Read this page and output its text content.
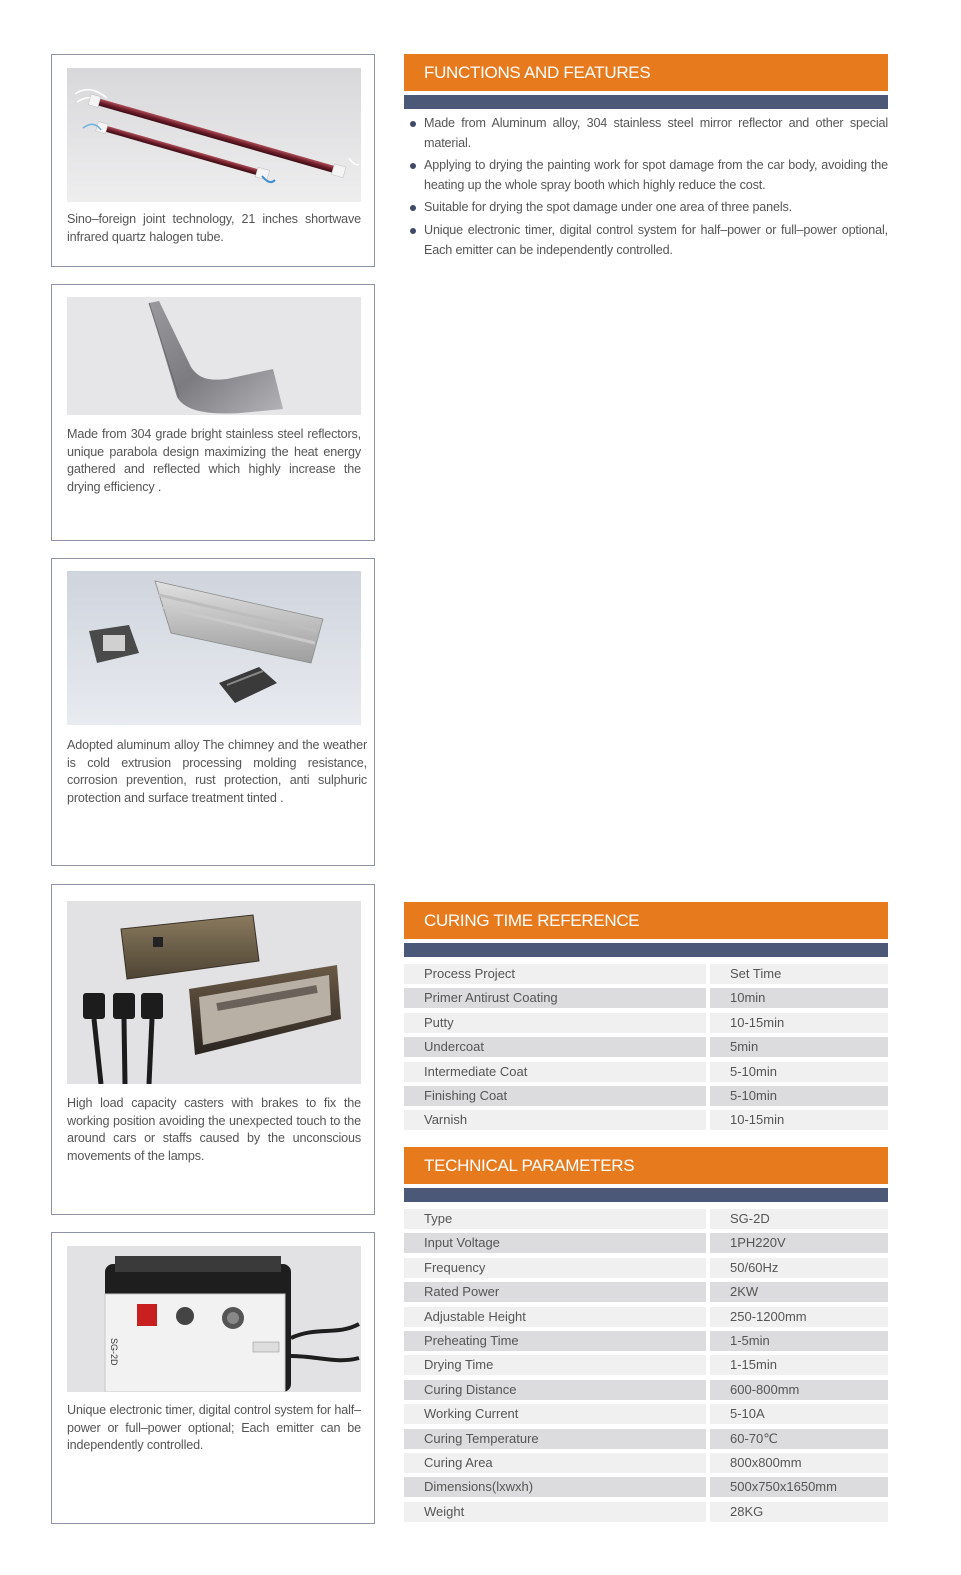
Sino–foreign joint technology, 21 inches shortwave infrared quartz halogen tube.
Made from 304 grade bright stainless steel reflectors, unique parabola design maximizing the heat energy gathered and reflected which highly increase the drying efficiency .
Adopted aluminum alloy The chimney and the weather is cold extrusion processing molding resistance, corrosion prevention, rust protection, anti sulphuric protection and surface treatment tinted .
High load capacity casters with brakes to fix the working position avoiding the unexpected touch to the around cars or staffs caused by the unconscious movements of the lamps.
SG-2D
Unique electronic timer, digital control system for half–power or full–power optional; Each emitter can be independently controlled.
FUNCTIONS AND FEATURES
Made from Aluminum alloy, 304 stainless steel mirror reflector and other special material.
Applying to drying the painting work for spot damage from the car body, avoiding the heating up the whole spray booth which highly reduce the cost.
Suitable for drying the spot damage under one area of three panels.
Unique electronic timer, digital control system for half–power or full–power optional, Each emitter can be independently controlled.
CURING TIME REFERENCE
Process Project	Set Time
Primer Antirust Coating	10min
Putty	10-15min
Undercoat	5min
Intermediate Coat	5-10min
Finishing Coat	5-10min
Varnish	10-15min
TECHNICAL PARAMETERS
Type	SG-2D
Input Voltage	1PH220V
Frequency	50/60Hz
Rated Power	2KW
Adjustable Height	250-1200mm
Preheating Time	1-5min
Drying Time	1-15min
Curing Distance	600-800mm
Working Current	5-10A
Curing Temperature	60-70℃
Curing Area	800x800mm
Dimensions(lxwxh)	500x750x1650mm
Weight	28KG
